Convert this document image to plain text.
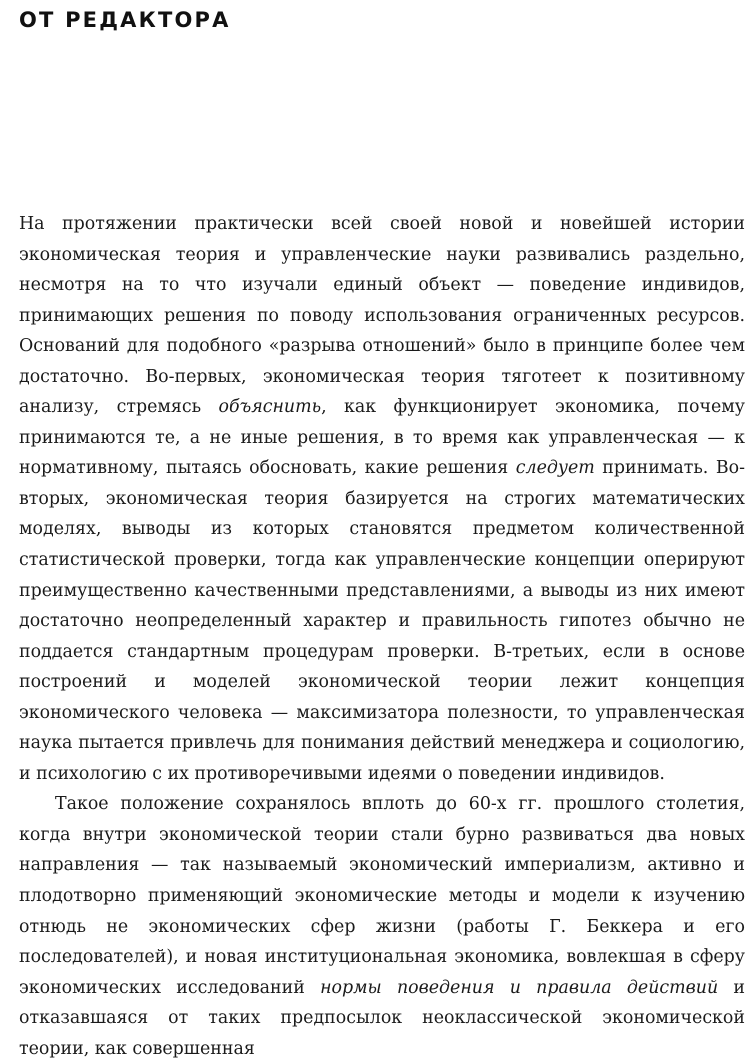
ОТ РЕДАКТОРА

На протяжении практически всей своей новой и новейшей истории экономическая теория и управленческие науки развивались раздельно, несмотря на то что изучали единый объект — поведение индивидов, принимающих решения по поводу использования ограниченных ресурсов. Оснований для подобного «разрыва отношений» было в принципе более чем достаточно. Во-первых, экономическая теория тяготеет к позитивному анализу, стремясь объяснить, как функционирует экономика, почему принимаются те, а не иные решения, в то время как управленческая — к нормативному, пытаясь обосновать, какие решения следует принимать. Во-вторых, экономическая теория базируется на строгих математических моделях, выводы из которых становятся предметом количественной статистической проверки, тогда как управленческие концепции оперируют преимущественно качественными представлениями, а выводы из них имеют достаточно неопределенный характер и правильность гипотез обычно не поддается стандартным процедурам проверки. В-третьих, если в основе построений и моделей экономической теории лежит концепция экономического человека — максимизатора полезности, то управленческая наука пытается привлечь для понимания действий менеджера и социологию, и психологию с их противоречивыми идеями о поведении индивидов.

Такое положение сохранялось вплоть до 60-х гг. прошлого столетия, когда внутри экономической теории стали бурно развиваться два новых направления — так называемый экономический империализм, активно и плодотворно применяющий экономические методы и модели к изучению отнюдь не экономических сфер жизни (работы Г. Беккера и его последователей), и новая институциональная экономика, вовлекшая в сферу экономических исследований нормы поведения и правила действий и отказавшаяся от таких предпосылок неоклассической экономической теории, как совершенная
